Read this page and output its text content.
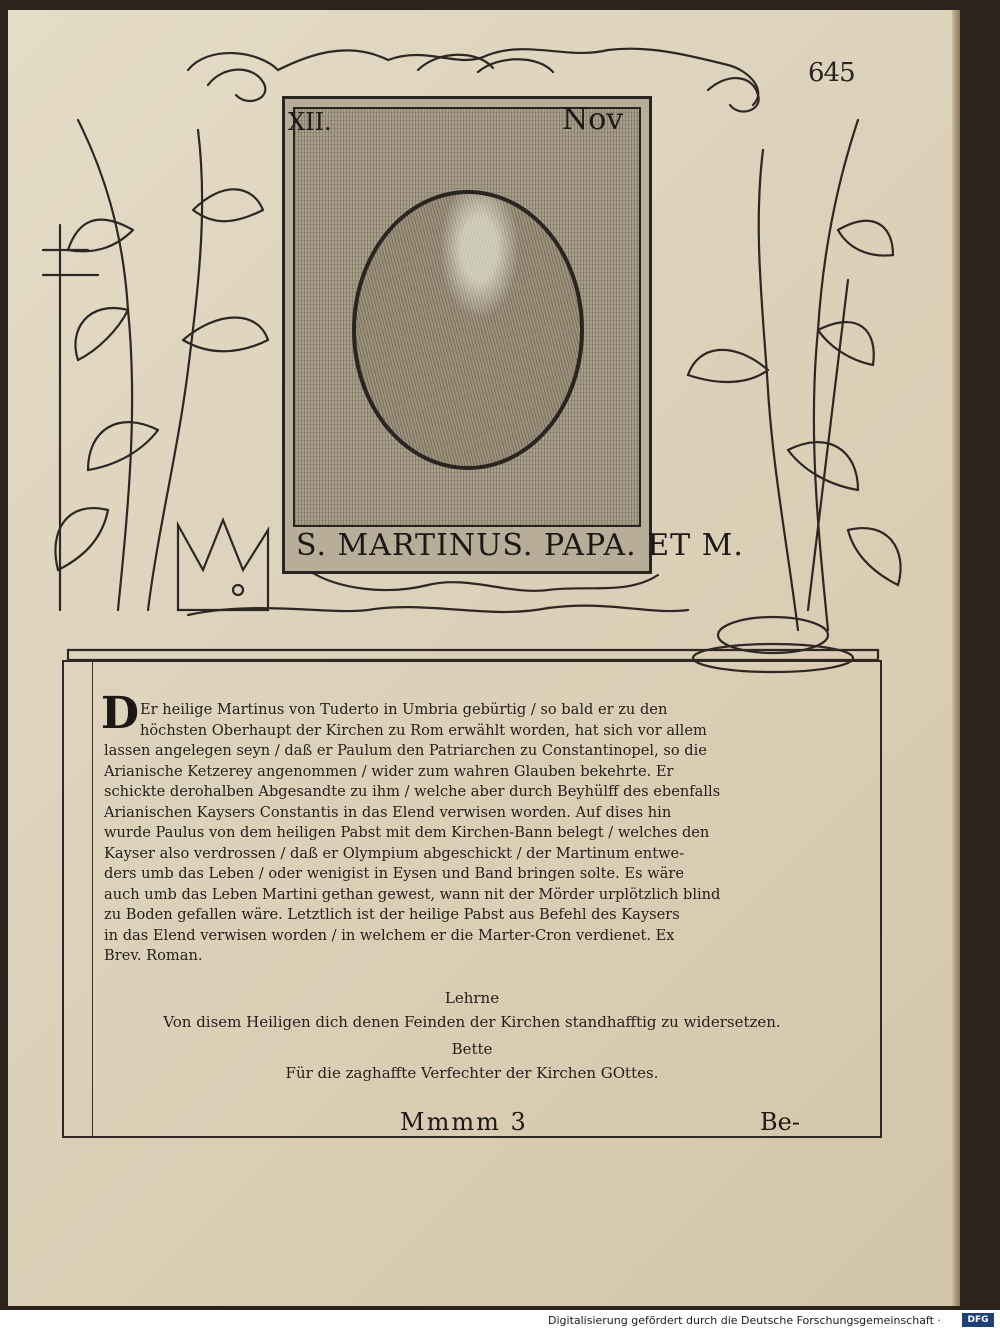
645
XII.	Nov
S. MARTINUS. PAPA. ET M.
D Er heilige Martinus von Tuderto in Umbria gebürtig / so bald er zu den
höchsten Oberhaupt der Kirchen zu Rom erwählt worden, hat sich vor allem
lassen angelegen seyn / daß er Paulum den Patriarchen zu Constantinopel, so die
Arianische Ketzerey angenommen / wider zum wahren Glauben bekehrte. Er
schickte derohalben Abgesandte zu ihm / welche aber durch Beyhülff des ebenfalls
Arianischen Kaysers Constantis in das Elend verwisen worden. Auf dises hin
wurde Paulus von dem heiligen Pabst mit dem Kirchen-Bann belegt / welches den
Kayser also verdrossen / daß er Olympium abgeschickt / der Martinum entwe-
ders umb das Leben / oder wenigist in Eysen und Band bringen solte. Es wäre
auch umb das Leben Martini gethan gewest, wann nit der Mörder urplötzlich blind
zu Boden gefallen wäre. Letztlich ist der heilige Pabst aus Befehl des Kaysers
in das Elend verwisen worden / in welchem er die Marter-Cron verdienet. Ex
Brev. Roman.
Lehrne
Von disem Heiligen dich denen Feinden der Kirchen standhafftig zu widersetzen.
Bette
Für die zaghaffte Verfechter der Kirchen GOttes.
Mmmm 3	Be-
Digitalisierung gefördert durch die Deutsche Forschungsgemeinschaft ·	DFG
